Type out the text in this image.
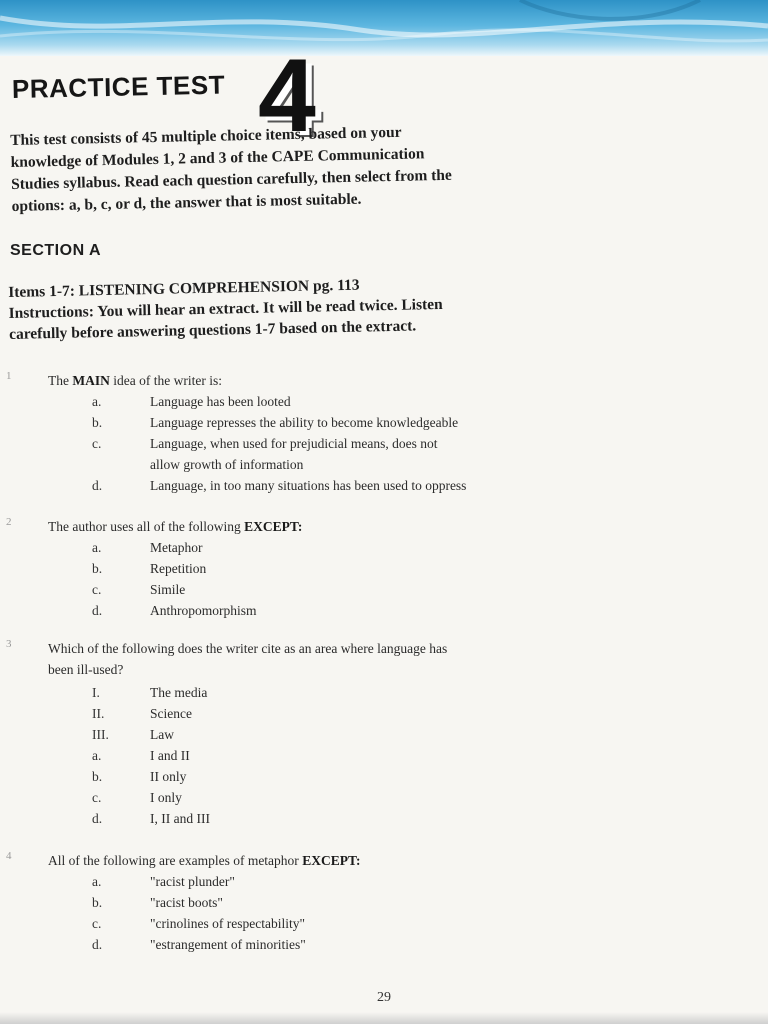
PRACTICE TEST 4
This test consists of 45 multiple choice items, based on your
knowledge of Modules 1, 2 and 3 of the CAPE Communication
Studies syllabus. Read each question carefully, then select from the
options: a, b, c, or d, the answer that is most suitable.
SECTION A
Items 1-7: LISTENING COMPREHENSION pg. 113
Instructions: You will hear an extract. It will be read twice. Listen
carefully before answering questions 1-7 based on the extract.
1	The MAIN idea of the writer is:
a.	Language has been looted
b.	Language represses the ability to become knowledgeable
c.	Language, when used for prejudicial means, does not
allow growth of information
d.	Language, in too many situations has been used to oppress
2	The author uses all of the following EXCEPT:
a.	Metaphor
b.	Repetition
c.	Simile
d.	Anthropomorphism
3	Which of the following does the writer cite as an area where language has
been ill-used?
I.	The media
II.	Science
III.	Law
a.	I and II
b.	II only
c.	I only
d.	I, II and III
4	All of the following are examples of metaphor EXCEPT:
a.	"racist plunder"
b.	"racist boots"
c.	"crinolines of respectability"
d.	"estrangement of minorities"
29
